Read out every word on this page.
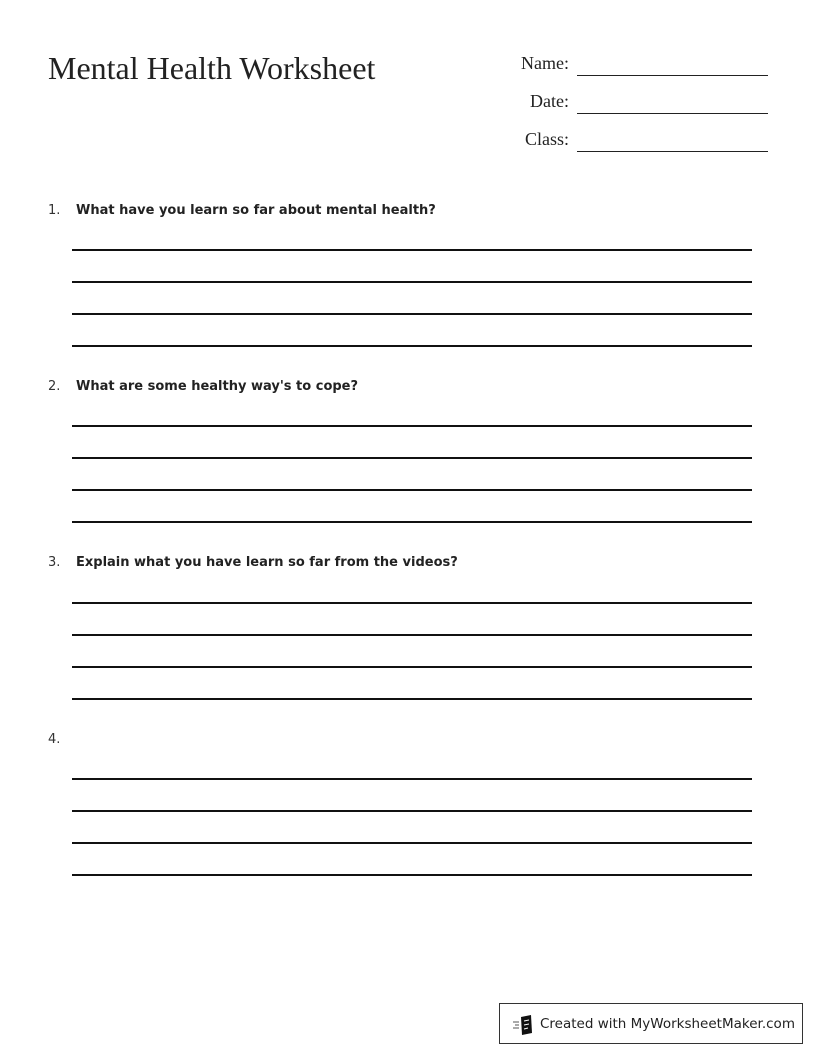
Mental Health Worksheet	Name:
Date:
Class:
1. What have you learn so far about mental health?
2. What are some healthy way's to cope?
3. Explain what you have learn so far from the videos?
4.
Created with MyWorksheetMaker.com
